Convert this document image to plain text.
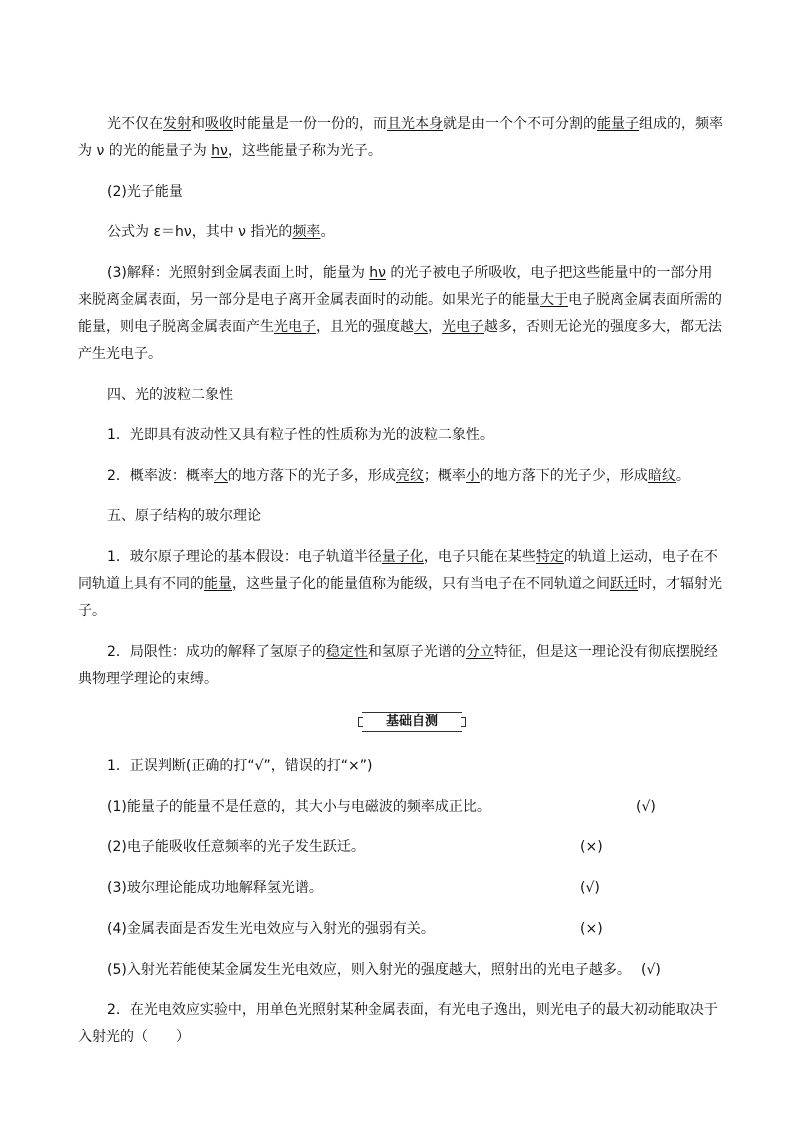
光不仅在发射和吸收时能量是一份一份的，而且光本身就是由一个个不可分割的能量子组成的，频率
为 ν 的光的能量子为 hν，这些能量子称为光子。
(2)光子能量
公式为 ε＝hν，其中 ν 指光的频率。
(3)解释：光照射到金属表面上时，能量为 hν 的光子被电子所吸收，电子把这些能量中的一部分用
来脱离金属表面，另一部分是电子离开金属表面时的动能。如果光子的能量大于电子脱离金属表面所需的
能量，则电子脱离金属表面产生光电子，且光的强度越大，光电子越多，否则无论光的强度多大，都无法
产生光电子。
四、光的波粒二象性
1．光即具有波动性又具有粒子性的性质称为光的波粒二象性。
2．概率波：概率大的地方落下的光子多，形成亮纹；概率小的地方落下的光子少，形成暗纹。
五、原子结构的玻尔理论
1．玻尔原子理论的基本假设：电子轨道半径量子化，电子只能在某些特定的轨道上运动，电子在不
同轨道上具有不同的能量，这些量子化的能量值称为能级，只有当电子在不同轨道之间跃迁时，才辐射光
子。
2．局限性：成功的解释了氢原子的稳定性和氢原子光谱的分立特征，但是这一理论没有彻底摆脱经
典物理学理论的束缚。
基础自测
1．正误判断(正确的打“√”，错误的打“×”)
(1)能量子的能量不是任意的，其大小与电磁波的频率成正比。	(√)
(2)电子能吸收任意频率的光子发生跃迁。	(×)
(3)玻尔理论能成功地解释氢光谱。	(√)
(4)金属表面是否发生光电效应与入射光的强弱有关。	(×)
(5)入射光若能使某金属发生光电效应，则入射光的强度越大，照射出的光电子越多。 (√)
2．在光电效应实验中，用单色光照射某种金属表面，有光电子逸出，则光电子的最大初动能取决于
入射光的（　　）
